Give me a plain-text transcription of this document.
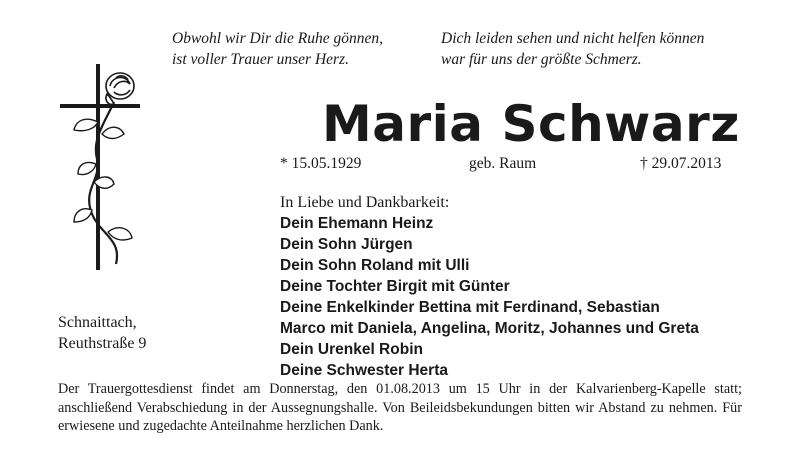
Obwohl wir Dir die Ruhe gönnen,
ist voller Trauer unser Herz.
Dich leiden sehen und nicht helfen können
war für uns der größte Schmerz.
Maria Schwarz
* 15.05.1929	geb. Raum	† 29.07.2013
In Liebe und Dankbarkeit:
Dein Ehemann Heinz
Dein Sohn Jürgen
Dein Sohn Roland mit Ulli
Deine Tochter Birgit mit Günter
Deine Enkelkinder Bettina mit Ferdinand, Sebastian
Marco mit Daniela, Angelina, Moritz, Johannes und Greta
Dein Urenkel Robin
Deine Schwester Herta
Schnaittach,
Reuthstraße 9
Der Trauergottesdienst findet am Donnerstag, den 01.08.2013 um 15 Uhr in der Kalvarienberg-Kapelle statt; anschließend Verabschiedung in der Aussegnungshalle. Von Beileidsbekundungen bitten wir Abstand zu nehmen. Für erwiesene und zugedachte Anteilnahme herzlichen Dank.
